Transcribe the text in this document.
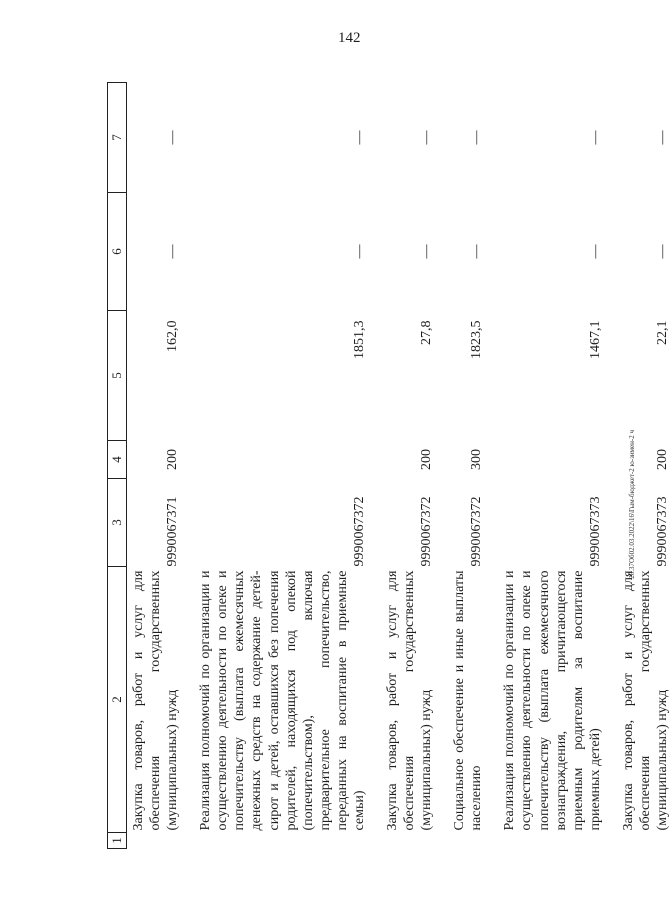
142
20.37Об02.03.2022\16\Гым-бюджет-2 ю-зимен-2 ч
1	2	3	4	5	6	7
	Закупка товаров, работ и услуг для обеспечения государственных (муниципальных) нужд	9990067371	200	162,0	—	—
	Реализация полномочий по организации и осуществлению деятельности по опеке и попечительству (выплата ежемесячных денежных средств на содержание детей-сирот и детей, оставшихся без попечения родителей, находящихся под опекой (попечительством), включая предварительное попечительство, переданных на воспитание в приемные семьи)	9990067372		1851,3	—	—
	Закупка товаров, работ и услуг для обеспечения государственных (муниципальных) нужд	9990067372	200	27,8	—	—
	Социальное обеспечение и иные выплаты населению	9990067372	300	1823,5	—	—
	Реализация полномочий по организации и осуществлению деятельности по опеке и попечительству (выплата ежемесячного вознаграждения, причитающегося приемным родителям за воспитание приемных детей)	9990067373		1467,1	—	—
	Закупка товаров, работ и услуг для обеспечения государственных (муниципальных) нужд	9990067373	200	22,1	—	—
